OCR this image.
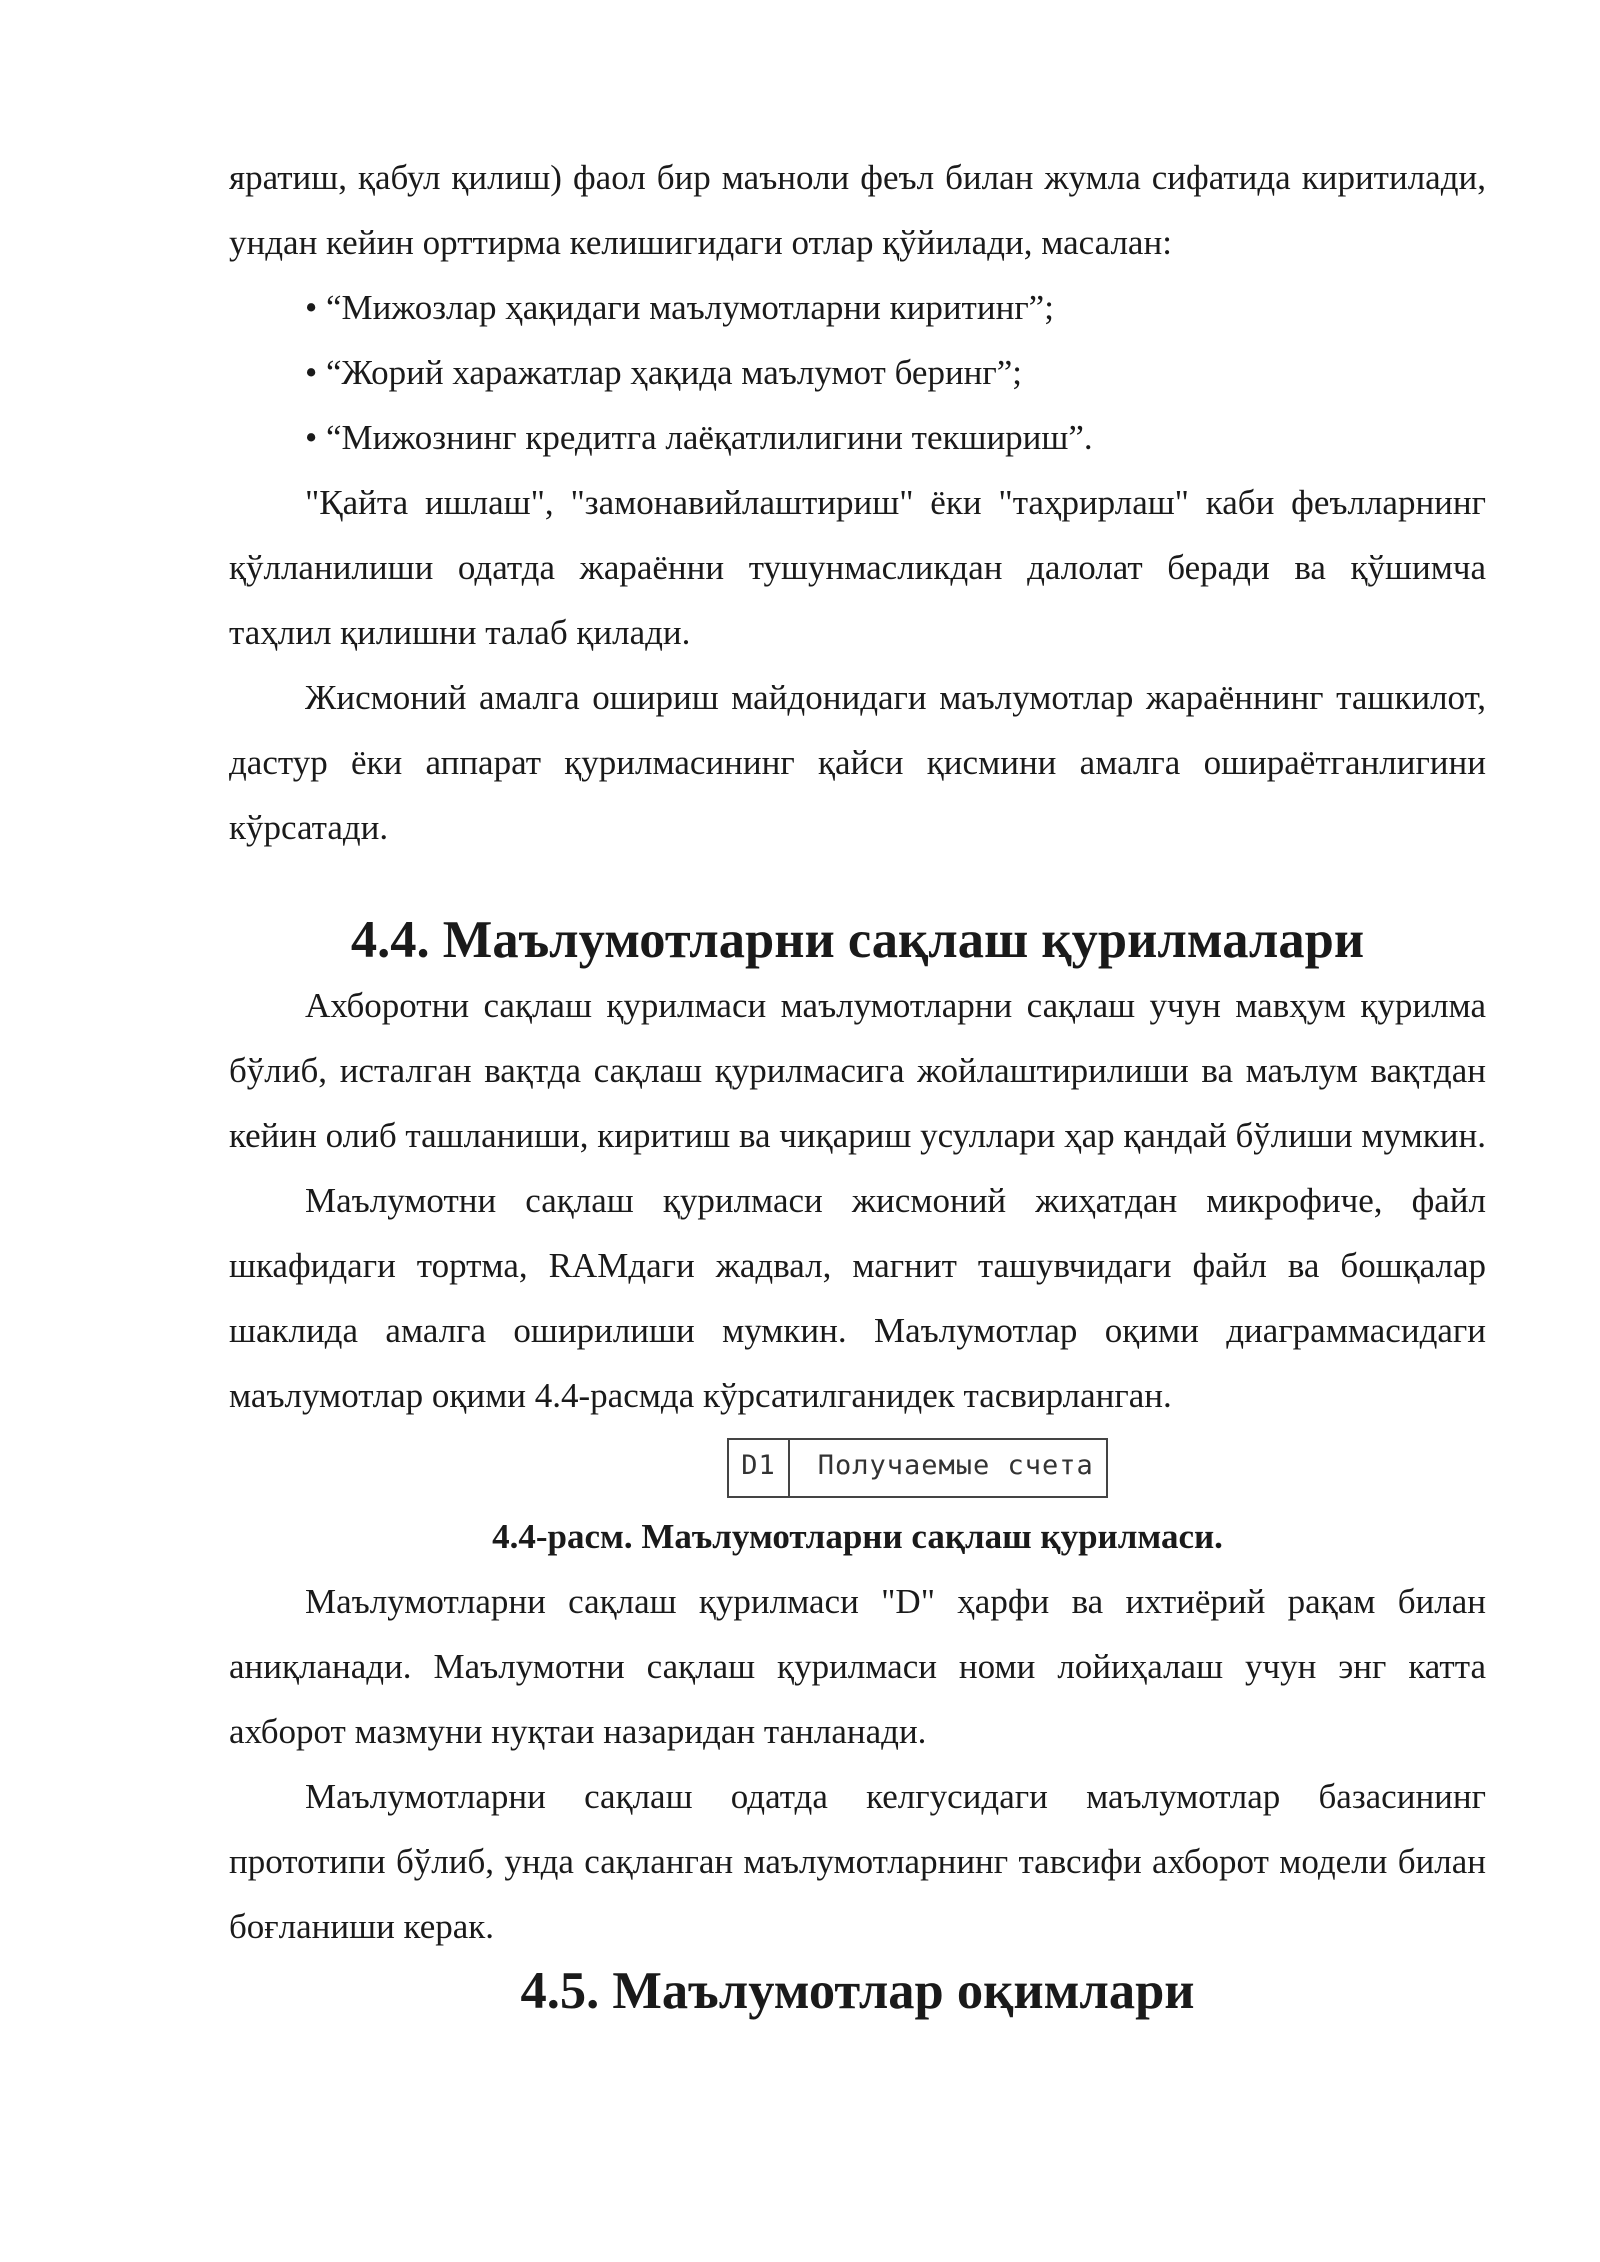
яратиш, қабул қилиш) фаол бир маъноли феъл билан жумла сифатида киритилади, ундан кейин орттирма келишигидаги отлар қўйилади, масалан:

• “Мижозлар ҳақидаги маълумотларни киритинг”;

• “Жорий харажатлар ҳақида маълумот беринг”;

• “Мижознинг кредитга лаёқатлилигини текшириш”.

"Қайта ишлаш", "замонавийлаштириш" ёки "таҳрирлаш" каби феълларнинг қўлланилиши одатда жараённи тушунмасликдан далолат беради ва қўшимча таҳлил қилишни талаб қилади.

Жисмоний амалга ошириш майдонидаги маълумотлар жараённинг ташкилот, дастур ёки аппарат қурилмасининг қайси қисмини амалга ошираётганлигини кўрсатади.

4.4. Маълумотларни сақлаш қурилмалари

Ахборотни сақлаш қурилмаси маълумотларни сақлаш учун мавҳум қурилма бўлиб, исталган вақтда сақлаш қурилмасига жойлаштирилиши ва маълум вақтдан кейин олиб ташланиши, киритиш ва чиқариш усуллари ҳар қандай бўлиши мумкин.

Маълумотни сақлаш қурилмаси жисмоний жиҳатдан микрофиче, файл шкафидаги тортма, RAMдаги жадвал, магнит ташувчидаги файл ва бошқалар шаклида амалга оширилиши мумкин. Маълумотлар оқими диаграммасидаги маълумотлар оқими 4.4-расмда кўрсатилганидек тасвирланган.

D1	Получаемые счета

4.4-расм. Маълумотларни сақлаш қурилмаси.

Маълумотларни сақлаш қурилмаси "D" ҳарфи ва ихтиёрий рақам билан аниқланади. Маълумотни сақлаш қурилмаси номи лойиҳалаш учун энг катта ахборот мазмуни нуқтаи назаридан танланади.

Маълумотларни сақлаш одатда келгусидаги маълумотлар базасининг прототипи бўлиб, унда сақланган маълумотларнинг тавсифи ахборот модели билан боғланиши керак.

4.5. Маълумотлар оқимлари
